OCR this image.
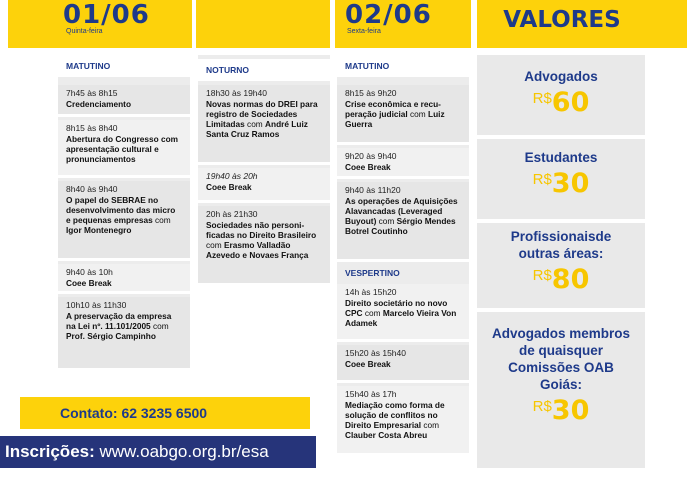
01/06
Quinta-feira
02/06
Sexta-feira	VALORES
MATUTINO
7h45 às 8h15
Credenciamento
8h15 às 8h40
Abertura do Congresso com apresentação cultural e pronunciamentos
8h40 às 9h40
O papel do SEBRAE no desenvolvimento das micro e pequenas empresas com Igor Montenegro
9h40 às 10h
Coee Break
10h10 às 11h30
A preservação da empresa na Lei nº. 11.101/2005 com Prof. Sérgio Campinho
NOTURNO
18h30 às 19h40
Novas normas do DREI para registro de Sociedades Limitadas com André Luiz Santa Cruz Ramos
19h40 às 20h
Coee Break
20h às 21h30
Sociedades não personificadas no Direito Brasileiro com Erasmo Valladão Azevedo e Novaes França
MATUTINO
8h15 às 9h20
Crise econômica e recuperação judicial com Luiz Guerra
9h20 às 9h40
Coee Break
9h40 às 11h20
As operações de Aquisições Alavancadas (Leveraged Buyout) com Sérgio Mendes Botrel Coutinho
VESPERTINO
14h às 15h20
Direito societário no novo CPC com Marcelo Vieira Von Adamek
15h20 às 15h40
Coee Break
15h40 às 17h
Mediação como forma de solução de conflitos no Direito Empresarial com Clauber Costa Abreu
Advogados
R$60
Estudantes
R$30
Profissionaisde outras áreas:
R$80
Advogados membros de quaisquer Comissões OAB Goiás:
R$30
Contato: 62 3235 6500
Inscrições: www.oabgo.org.br/esa
